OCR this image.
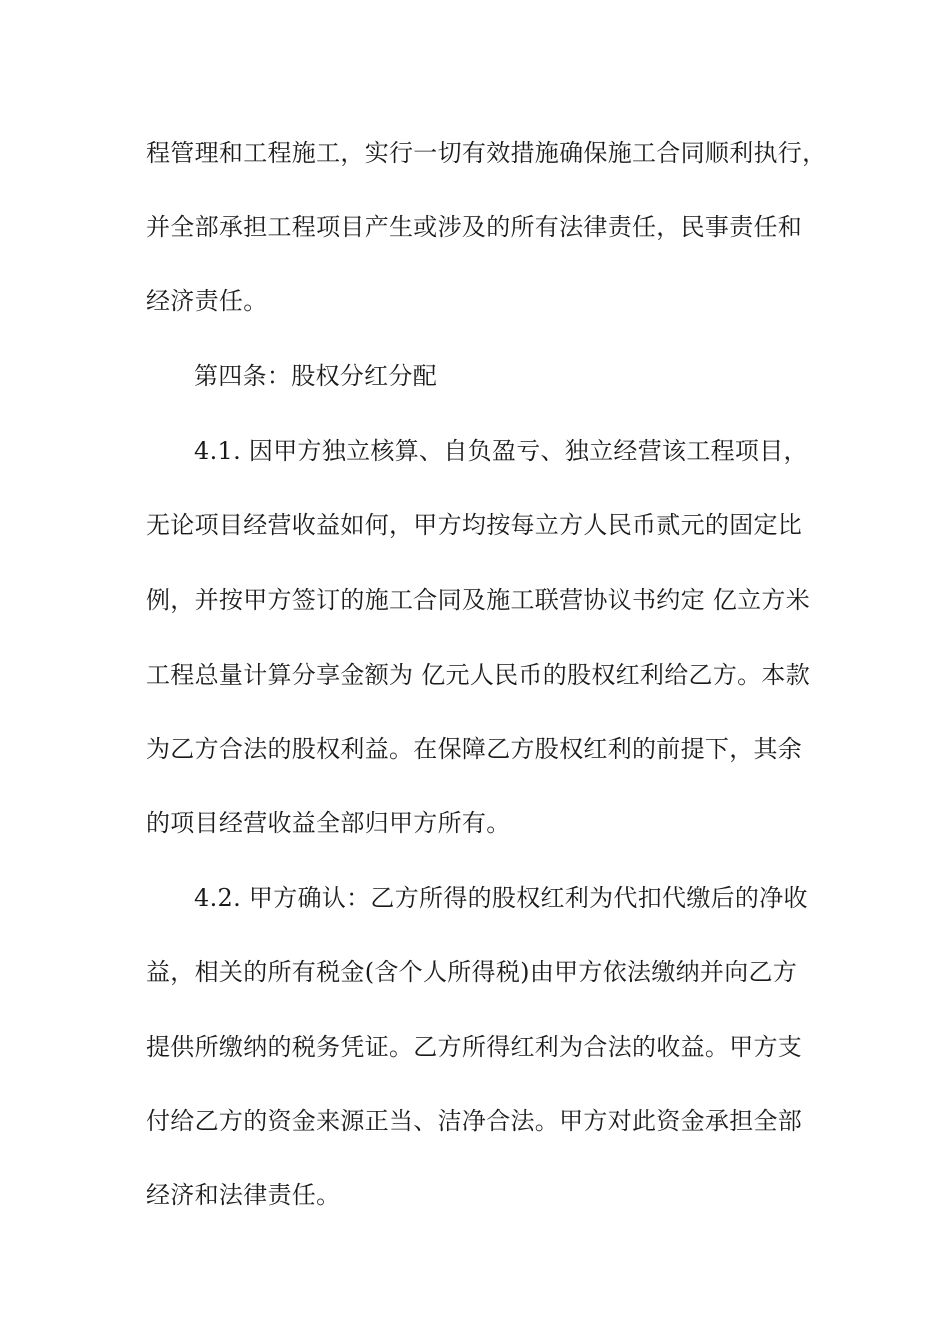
程管理和工程施工，实行一切有效措施确保施工合同顺利执行，
并全部承担工程项目产生或涉及的所有法律责任，民事责任和
经济责任。
第四条：股权分红分配
4.1. 因甲方独立核算、自负盈亏、独立经营该工程项目，
无论项目经营收益如何，甲方均按每立方人民币贰元的固定比
例，并按甲方签订的施工合同及施工联营协议书约定 亿立方米
工程总量计算分享金额为 亿元人民币的股权红利给乙方。本款
为乙方合法的股权利益。在保障乙方股权红利的前提下，其余
的项目经营收益全部归甲方所有。
4.2. 甲方确认：乙方所得的股权红利为代扣代缴后的净收
益，相关的所有税金(含个人所得税)由甲方依法缴纳并向乙方
提供所缴纳的税务凭证。乙方所得红利为合法的收益。甲方支
付给乙方的资金来源正当、洁净合法。甲方对此资金承担全部
经济和法律责任。
